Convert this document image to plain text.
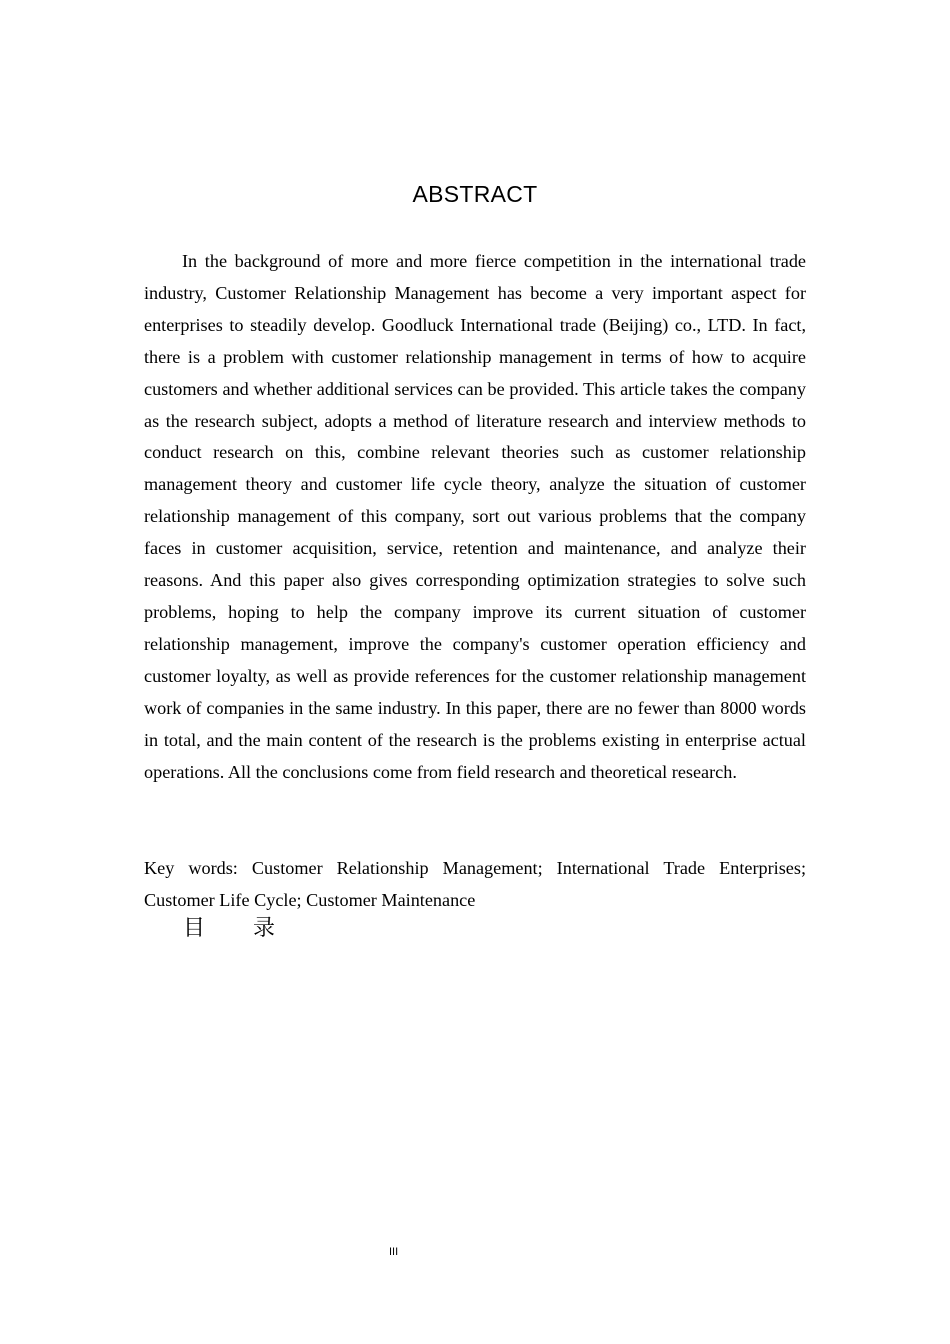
ABSTRACT

In the background of more and more fierce competition in the international trade industry, Customer Relationship Management has become a very important aspect for enterprises to steadily develop. Goodluck International trade (Beijing) co., LTD. In fact, there is a problem with customer relationship management in terms of how to acquire customers and whether additional services can be provided. This article takes the company as the research subject, adopts a method of literature research and interview methods to conduct research on this, combine relevant theories such as customer relationship management theory and customer life cycle theory, analyze the situation of customer relationship management of this company, sort out various problems that the company faces in customer acquisition, service, retention and maintenance, and analyze their reasons. And this paper also gives corresponding optimization strategies to solve such problems, hoping to help the company improve its current situation of customer relationship management, improve the company's customer operation efficiency and customer loyalty, as well as provide references for the customer relationship management work of companies in the same industry. In this paper, there are no fewer than 8000 words in total, and the main content of the research is the problems existing in enterprise actual operations. All the conclusions come from field research and theoretical research.

Key words: Customer Relationship Management; International Trade Enterprises; Customer Life Cycle; Customer Maintenance

目 录
III
